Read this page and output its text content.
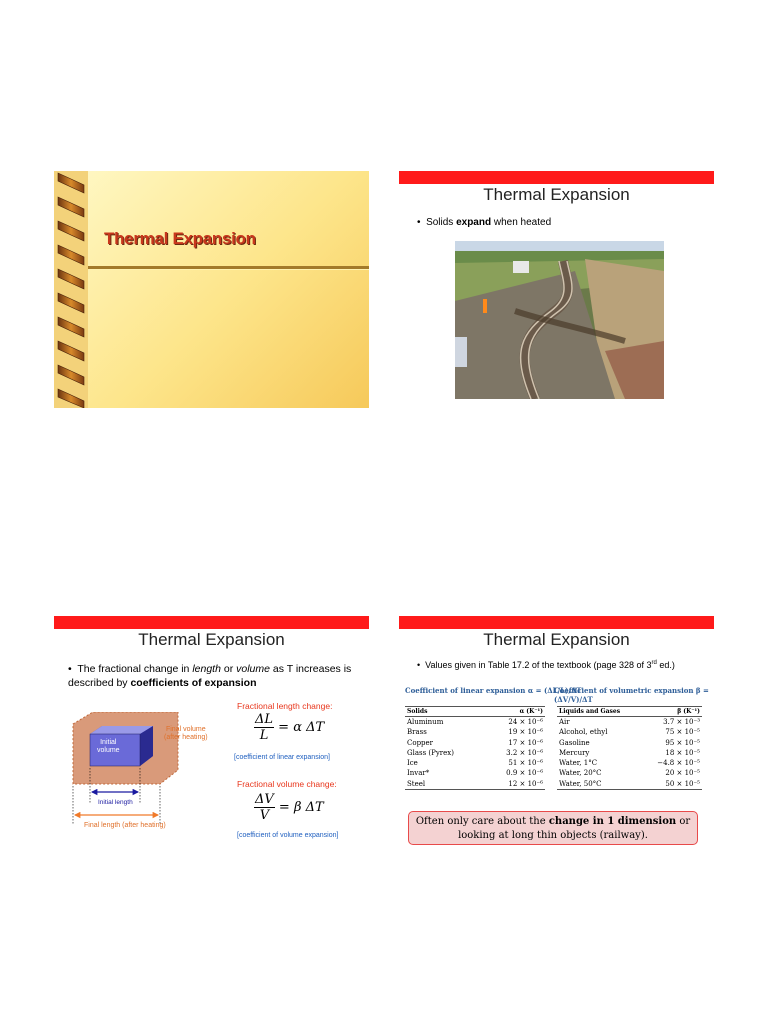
Thermal Expansion
Thermal Expansion
•  Solids expand when heated
Thermal Expansion
•  The fractional change in length or volume as T increases is described by coefficients of expansion
Initial
volume
Final volume
(after heating)
Initial length
Final length (after heating)
Fractional length change:
$\frac{\Delta L}{L} = \alpha$ ΔT
[coefficient of linear expansion]
Fractional volume change:
$\frac{\Delta V}{V} = \beta$ ΔT
[coefficient of volume expansion]
Thermal Expansion
•  Values given in Table 17.2 of the textbook (page 328 of 3rd ed.)
Coefficient of linear expansion α = (ΔL/L)/ΔT
Coefficient of volumetric expansion β = (ΔV/V)/ΔT
Solids	α (K⁻¹)
Aluminum	24 × 10⁻⁶
Brass	19 × 10⁻⁶
Copper	17 × 10⁻⁶
Glass (Pyrex)	3.2 × 10⁻⁶
Ice	51 × 10⁻⁶
Invar*	0.9 × 10⁻⁶
Steel	12 × 10⁻⁶
Liquids and Gases	β (K⁻¹)
Air	3.7 × 10⁻³
Alcohol, ethyl	75 × 10⁻⁵
Gasoline	95 × 10⁻⁵
Mercury	18 × 10⁻⁵
Water, 1°C	−4.8 × 10⁻⁵
Water, 20°C	20 × 10⁻⁵
Water, 50°C	50 × 10⁻⁵
Often only care about the change in 1 dimension or looking at long thin objects (railway).
